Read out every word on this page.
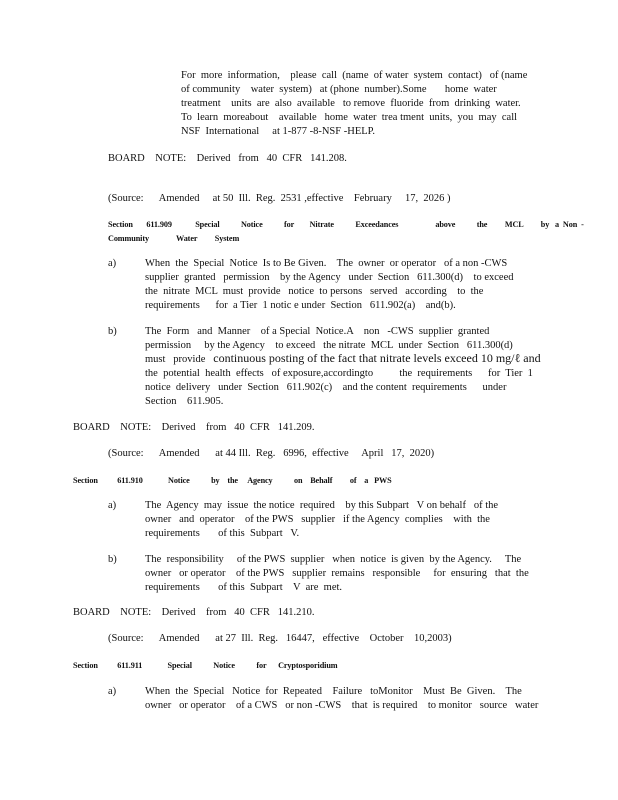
For  more  information,    please  call  (name  of water  system  contact)   of (name
of community    water  system)   at (phone  number).Some       home  water
treatment    units  are  also  available   to remove  fluoride  from  drinking  water.
To  learn  moreabout    available   home  water  trea tment  units,  you  may  call
NSF  International     at 1-877 -8-NSF -HELP.
BOARD    NOTE:    Derived   from   40  CFR   141.208.
(Source:      Amended     at 50  Ill.  Reg.  2531 ,effective    February     17,  2026 )
Section       611.909            Special           Notice           for        Nitrate           Exceedances                   above           the         MCL         by   a  Non  -
Community              Water         System
a)	When  the  Special  Notice  Is to Be Given.    The  owner  or operator   of a non -CWS
supplier  granted   permission    by the Agency   under  Section   611.300(d)    to exceed
the  nitrate  MCL  must  provide   notice  to persons   served   according    to  the
requirements      for  a Tier  1 notic e under  Section   611.902(a)    and(b).
b)	The  Form   and  Manner    of a Special  Notice.A    non   -CWS  supplier  granted
permission     by the Agency    to exceed   the nitrate  MCL  under  Section   611.300(d)
must   provide   continuous posting of the fact that nitrate levels exceed 10 mg/ℓ and
the  potential  health  effects   of exposure,accordingto          the  requirements      for  Tier  1
notice  delivery   under  Section   611.902(c)    and the content  requirements      under
Section    611.905.
BOARD    NOTE:    Derived    from   40  CFR   141.209.
(Source:      Amended      at 44 Ill.  Reg.   6996,  effective     April   17,  2020)
Section          611.910             Notice           by    the     Agency           on    Behalf         of    a   PWS
a)	The  Agency  may  issue  the notice  required    by this Subpart   V on behalf   of the
owner   and  operator    of the PWS   supplier   if the Agency  complies    with  the
requirements       of this  Subpart   V.
b)	The  responsibility     of the PWS  supplier   when  notice  is given  by the Agency.     The
owner   or operator    of the PWS   supplier  remains   responsible     for  ensuring   that  the
requirements       of this  Subpart    V  are  met.
BOARD    NOTE:    Derived    from   40  CFR   141.210.
(Source:      Amended      at 27  Ill.  Reg.   16447,   effective    October    10,2003)
Section          611.911             Special           Notice           for      Cryptosporidium
a)	When  the  Special   Notice  for  Repeated    Failure   toMonitor    Must  Be  Given.    The
owner   or operator    of a CWS   or non -CWS    that  is required    to monitor   source   water
